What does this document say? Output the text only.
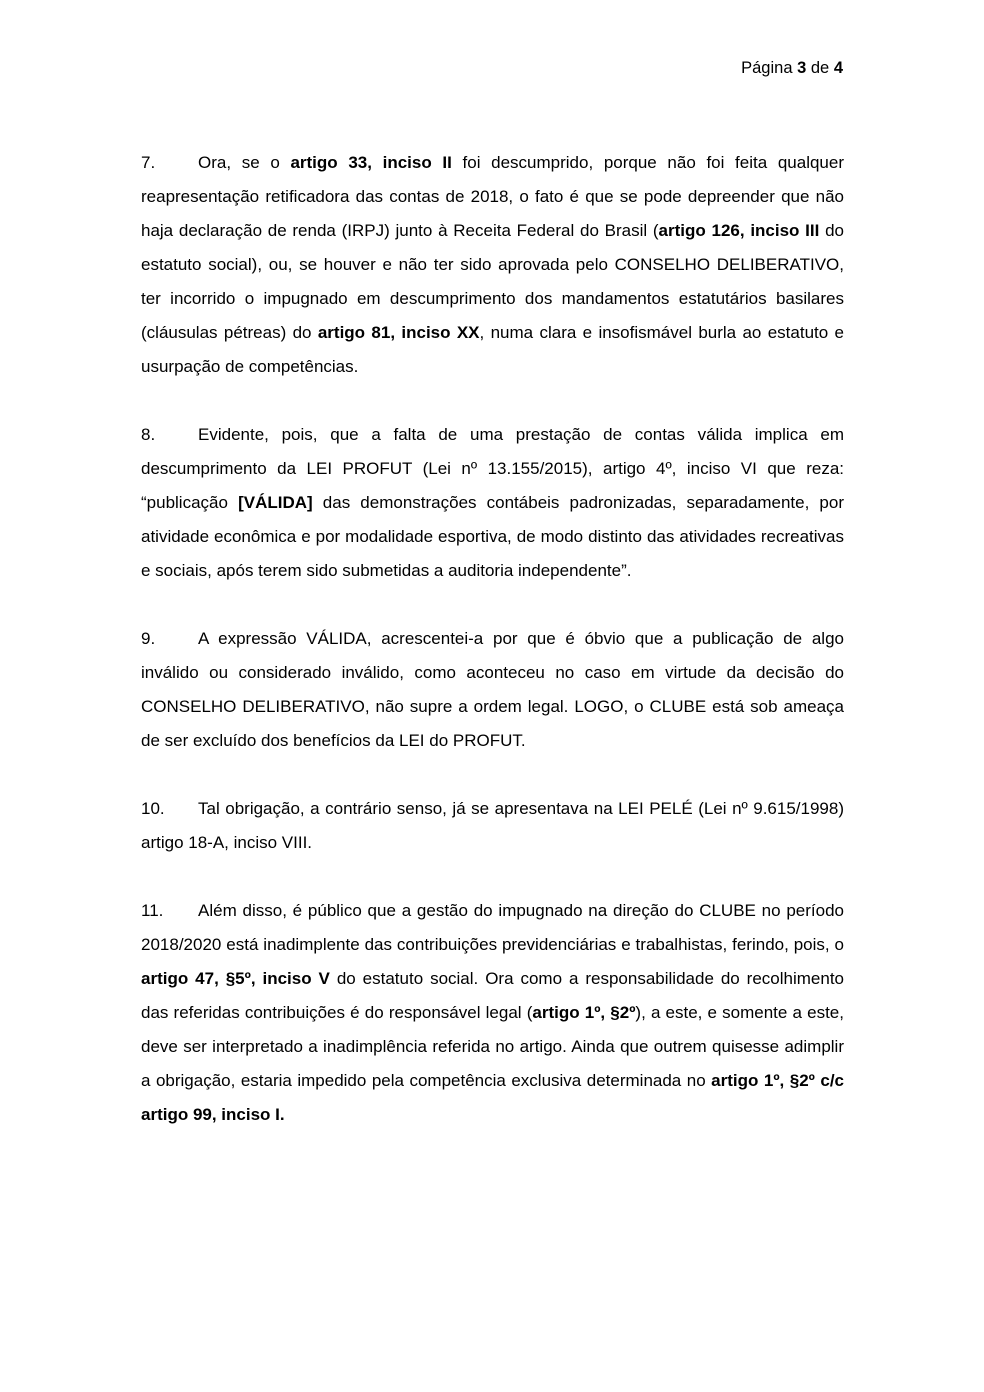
Página 3 de 4

7.	Ora, se o artigo 33, inciso II foi descumprido, porque não foi feita qualquer reapresentação retificadora das contas de 2018, o fato é que se pode depreender que não haja declaração de renda (IRPJ) junto à Receita Federal do Brasil (artigo 126, inciso III do estatuto social), ou, se houver e não ter sido aprovada pelo CONSELHO DELIBERATIVO, ter incorrido o impugnado em descumprimento dos mandamentos estatutários basilares (cláusulas pétreas) do artigo 81, inciso XX, numa clara e insofismável burla ao estatuto e usurpação de competências.

8.	Evidente, pois, que a falta de uma prestação de contas válida implica em descumprimento da LEI PROFUT (Lei nº 13.155/2015), artigo 4º, inciso VI que reza: “publicação [VÁLIDA] das demonstrações contábeis padronizadas, separadamente, por atividade econômica e por modalidade esportiva, de modo distinto das atividades recreativas e sociais, após terem sido submetidas a auditoria independente”.

9.	A expressão VÁLIDA, acrescentei-a por que é óbvio que a publicação de algo inválido ou considerado inválido, como aconteceu no caso em virtude da decisão do CONSELHO DELIBERATIVO, não supre a ordem legal. LOGO, o CLUBE está sob ameaça de ser excluído dos benefícios da LEI do PROFUT.

10. Tal obrigação, a contrário senso, já se apresentava na LEI PELÉ (Lei nº 9.615/1998) artigo 18-A, inciso VIII.

11. Além disso, é público que a gestão do impugnado na direção do CLUBE no período 2018/2020 está inadimplente das contribuições previdenciárias e trabalhistas, ferindo, pois, o artigo 47, §5º, inciso V do estatuto social. Ora como a responsabilidade do recolhimento das referidas contribuições é do responsável legal (artigo 1º, §2º), a este, e somente a este, deve ser interpretado a inadimplência referida no artigo. Ainda que outrem quisesse adimplir a obrigação, estaria impedido pela competência exclusiva determinada no artigo 1º, §2º c/c artigo 99, inciso I.
